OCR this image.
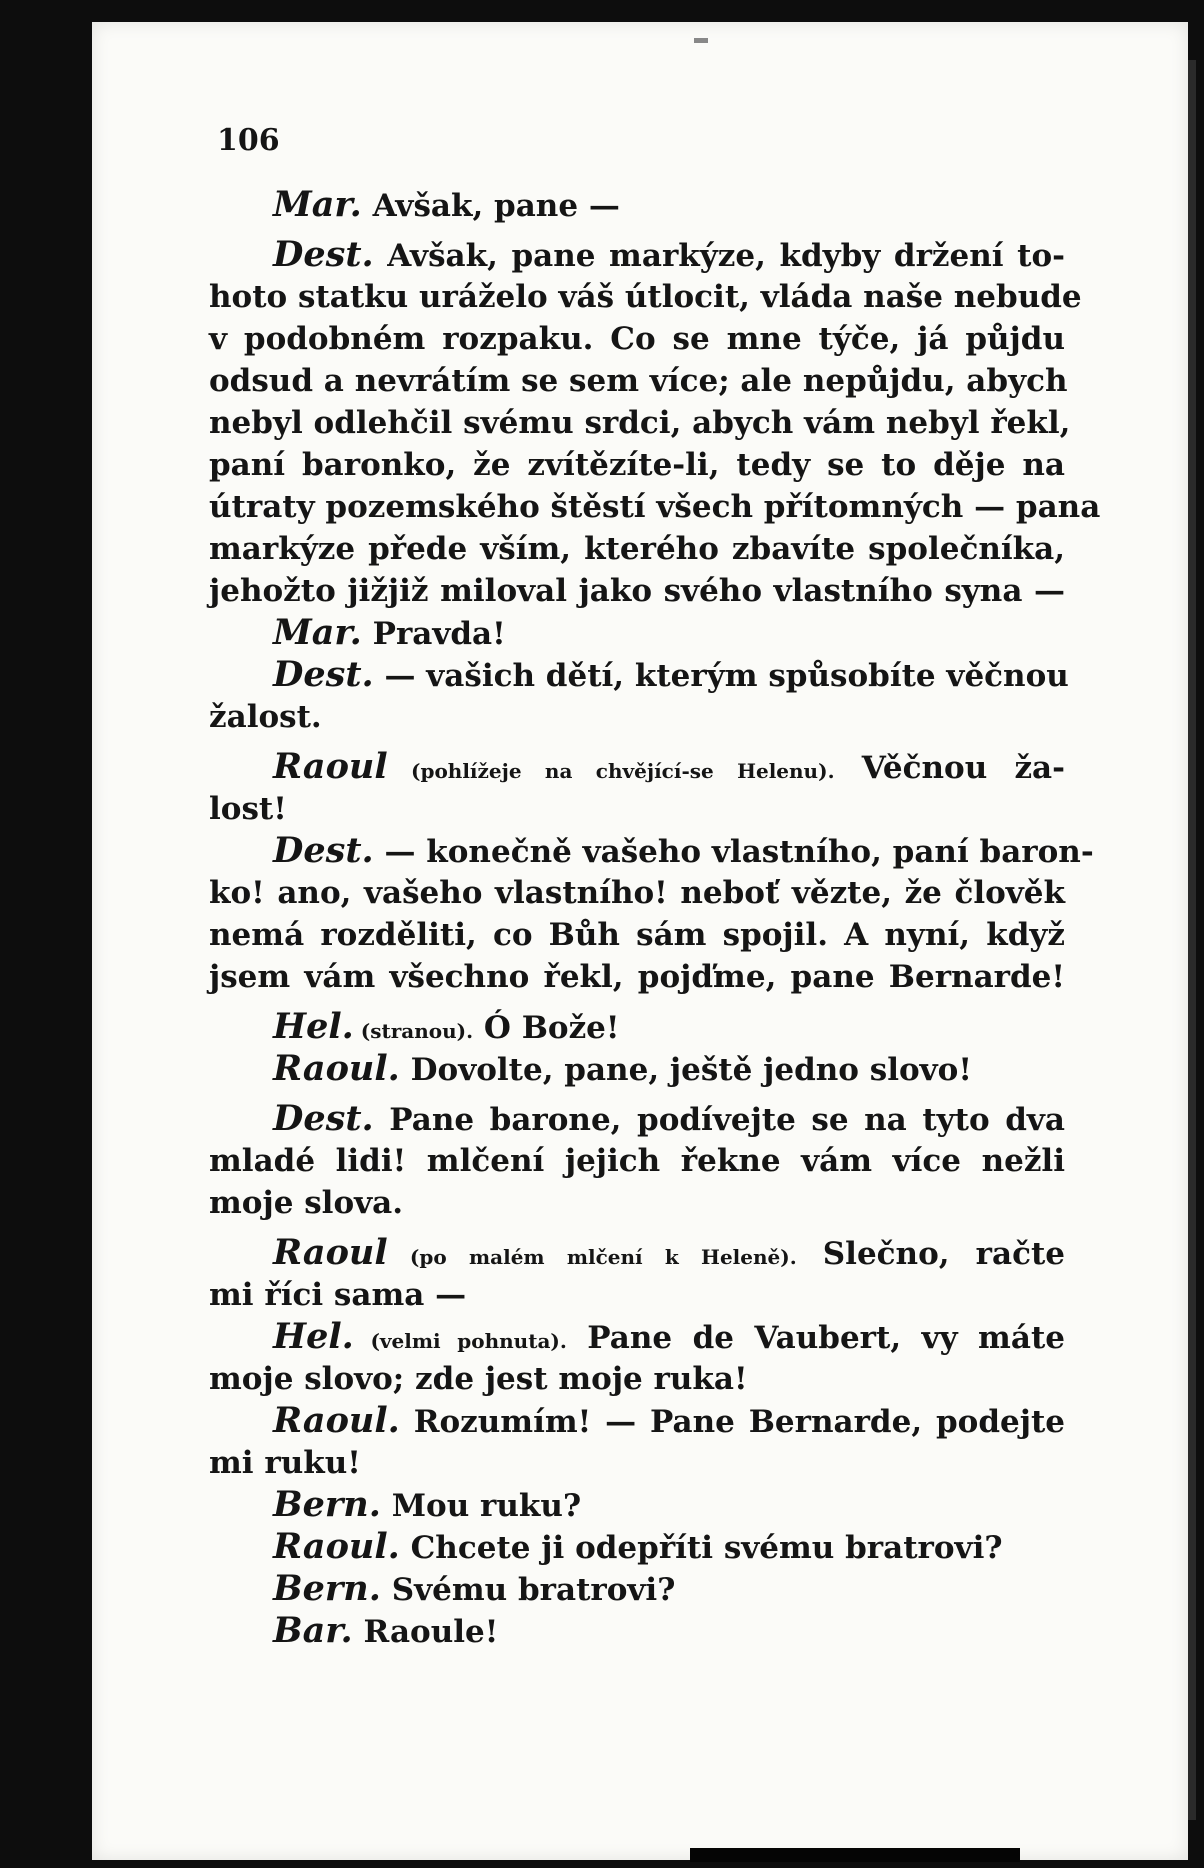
106
Mar. Avšak, pane —
Dest. Avšak, pane markýze, kdyby držení to-
hoto statku uráželo váš útlocit, vláda naše nebude
v podobném rozpaku. Co se mne týče, já půjdu
odsud a nevrátím se sem více; ale nepůjdu, abych
nebyl odlehčil svému srdci, abych vám nebyl řekl,
paní baronko, že zvítězíte-li, tedy se to děje na
útraty pozemského štěstí všech přítomných — pana
markýze přede vším, kterého zbavíte společníka,
jehožto jižjiž miloval jako svého vlastního syna —
Mar. Pravda!
Dest. — vašich dětí, kterým spůsobíte věčnou
žalost.
Raoul (pohlížeje na chvějící-se Helenu). Věčnou ža-
lost!
Dest. — konečně vašeho vlastního, paní baron-
ko! ano, vašeho vlastního! neboť vězte, že člověk
nemá rozděliti, co Bůh sám spojil. A nyní, když
jsem vám všechno řekl, pojďme, pane Bernarde!
Hel. (stranou). Ó Bože!
Raoul. Dovolte, pane, ještě jedno slovo!
Dest. Pane barone, podívejte se na tyto dva
mladé lidi! mlčení jejich řekne vám více nežli
moje slova.
Raoul (po malém mlčení k Heleně). Slečno, račte
mi říci sama —
Hel. (velmi pohnuta). Pane de Vaubert, vy máte
moje slovo; zde jest moje ruka!
Raoul. Rozumím! — Pane Bernarde, podejte
mi ruku!
Bern. Mou ruku?
Raoul. Chcete ji odepříti svému bratrovi?
Bern. Svému bratrovi?
Bar. Raoule!
